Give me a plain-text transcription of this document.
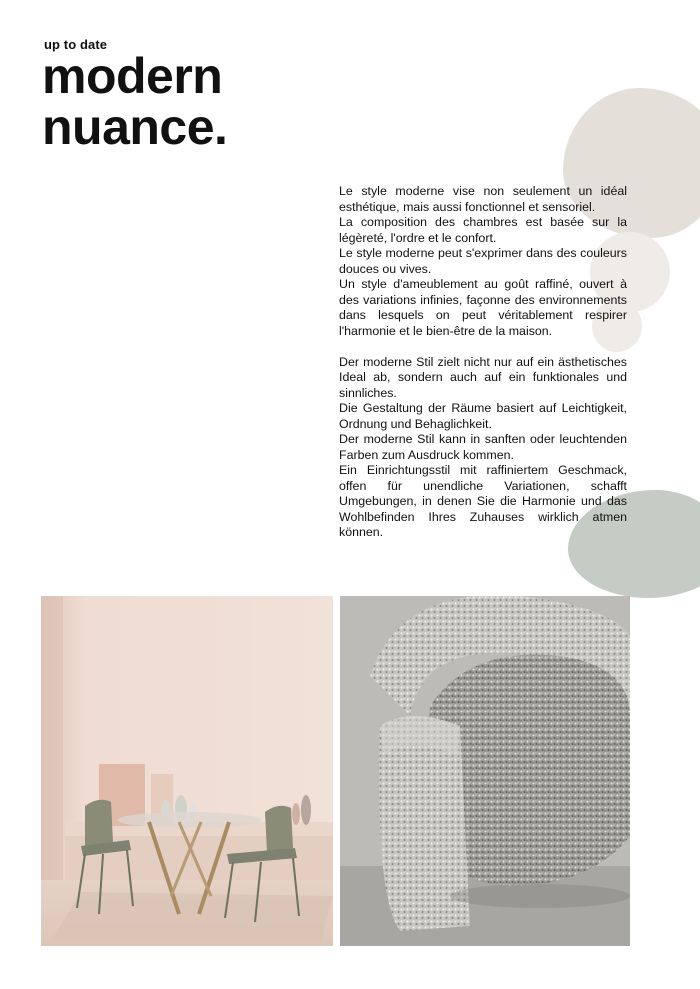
up to date
modern
nuance.

Le style moderne vise non seulement un idéal esthétique, mais aussi fonctionnel et sensoriel.

La composition des chambres est basée sur la légèreté, l'ordre et le confort.

Le style moderne peut s'exprimer dans des couleurs douces ou vives.

Un style d'ameublement au goût raffiné, ouvert à des variations infinies, façonne des environnements dans lesquels on peut véritablement respirer l'harmonie et le bien-être de la maison.

Der moderne Stil zielt nicht nur auf ein ästhetisches Ideal ab, sondern auch auf ein funktionales und sinnliches.

Die Gestaltung der Räume basiert auf Leichtigkeit, Ordnung und Behaglichkeit.

Der moderne Stil kann in sanften oder leuchtenden Farben zum Ausdruck kommen.

Ein Einrichtungsstil mit raffiniertem Geschmack, offen für unendliche Variationen, schafft Umgebungen, in denen Sie die Harmonie und das Wohlbefinden Ihres Zuhauses wirklich atmen können.
